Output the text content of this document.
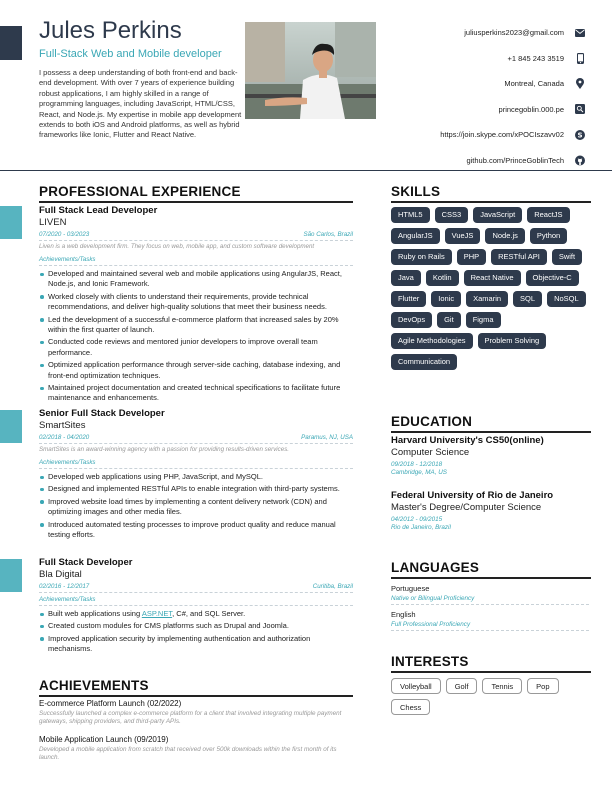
Jules Perkins
Full-Stack Web and Mobile developer

I possess a deep understanding of both front-end and back-end development. With over 7 years of experience building robust applications, I am highly skilled in a range of programming languages, including JavaScript, HTML/CSS, React, and Node.js. My expertise in mobile app development extends to both iOS and Android platforms, as well as hybrid frameworks like Ionic, Flutter and React Native.

juliusperkins2023@gmail.com
+1 845 243 3519
Montreal, Canada
princegoblin.000.pe
https://join.skype.com/xPOCIszavv02 S
github.com/PrinceGoblinTech
PROFESSIONAL EXPERIENCE
Full Stack Lead Developer
LIVEN
07/2020 - 03/2023	São Carlos, Brazil
Liven is a web development firm. They focus on web, mobile app, and custom software development
Achievements/Tasks
Developed and maintained several web and mobile applications using AngularJS, React, Node.js, and Ionic Framework.
Worked closely with clients to understand their requirements, provide technical recommendations, and deliver high-quality solutions that meet their business needs.
Led the development of a successful e-commerce platform that increased sales by 20% within the first quarter of launch.
Conducted code reviews and mentored junior developers to improve overall team performance.
Optimized application performance through server-side caching, database indexing, and front-end optimization techniques.
Maintained project documentation and created technical specifications to facilitate future maintenance and enhancements.
Senior Full Stack Developer
SmartSites
02/2018 - 04/2020	Paramus, NJ, USA
SmartSites is an award-winning agency with a passion for providing results-driven services.
Achievements/Tasks
Developed web applications using PHP, JavaScript, and MySQL.
Designed and implemented RESTful APIs to enable integration with third-party systems.
Improved website load times by implementing a content delivery network (CDN) and optimizing images and other media files.
Introduced automated testing processes to improve product quality and reduce manual testing efforts.
Full Stack Developer
Bla Digital
02/2016 - 12/2017	Curitiba, Brazil
Achievements/Tasks
Built web applications using ASP.NET, C#, and SQL Server.
Created custom modules for CMS platforms such as Drupal and Joomla.
Improved application security by implementing authentication and authorization mechanisms.
ACHIEVEMENTS
E-commerce Platform Launch (02/2022)
Successfully launched a complex e-commerce platform for a client that involved integrating multiple payment gateways, shipping providers, and third-party APIs.
Mobile Application Launch (09/2019)
Developed a mobile application from scratch that received over 500k downloads within the first month of its launch.
SKILLS
HTML5	CSS3	JavaScript	ReactJS
AngularJS	VueJS	Node.js	Python
Ruby on Rails	PHP	RESTful API	Swift
Java	Kotlin	React Native	Objective-C
Flutter	Ionic	Xamarin	SQL	NoSQL
DevOps	Git	Figma
Agile Methodologies	Problem Solving
Communication
EDUCATION
Harvard University's CS50(online)
Computer Science
09/2018 - 12/2018
Cambridge, MA, US
Federal University of Rio de Janeiro
Master's Degree/Computer Science
04/2012 - 09/2015
Rio de Janeiro, Brazil
LANGUAGES
Portuguese
Native or Bilingual Proficiency
English
Full Professional Proficiency
INTERESTS
Volleyball	Golf	Tennis	Pop
Chess
